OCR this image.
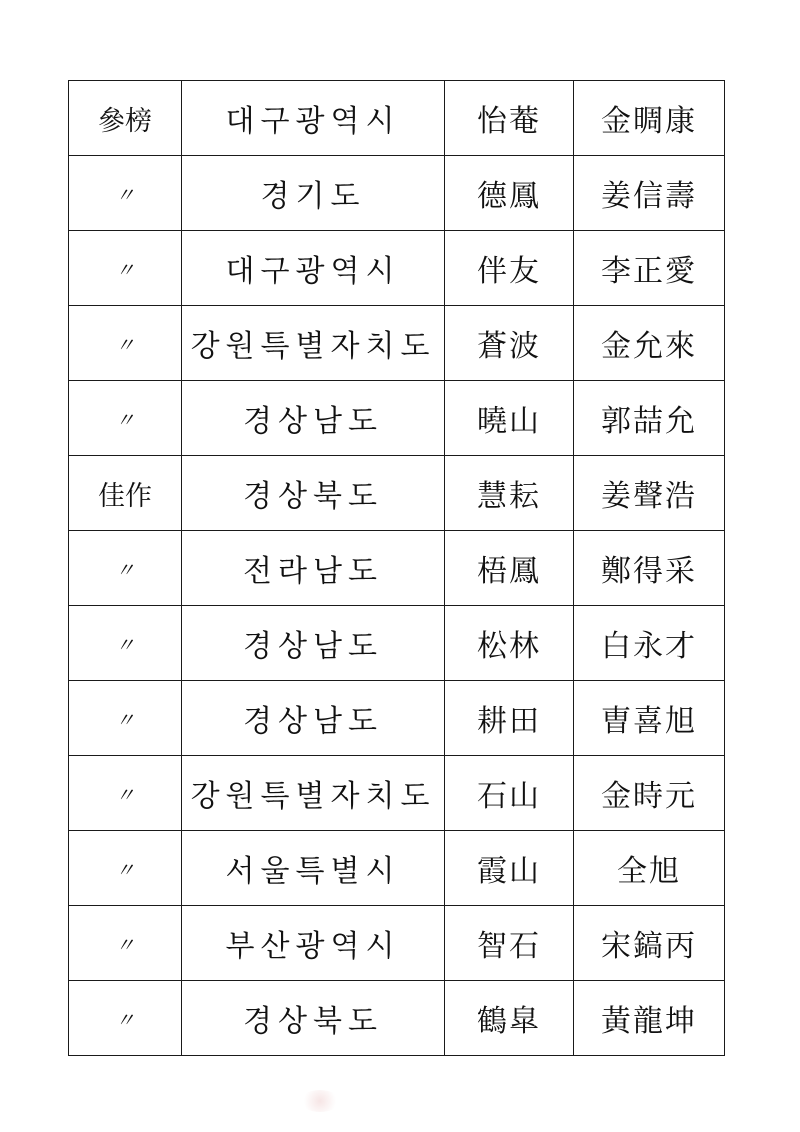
參榜	대구광역시	怡菴	金晭康
〃	경기도	德鳳	姜信壽
〃	대구광역시	伴友	李正愛
〃	강원특별자치도	蒼波	金允來
〃	경상남도	曉山	郭喆允
佳作	경상북도	慧耘	姜聲浩
〃	전라남도	梧鳳	鄭得采
〃	경상남도	松林	白永才
〃	경상남도	耕田	曺喜旭
〃	강원특별자치도	石山	金時元
〃	서울특별시	霞山	全旭
〃	부산광역시	智石	宋鎬丙
〃	경상북도	鶴皐	黃龍坤
